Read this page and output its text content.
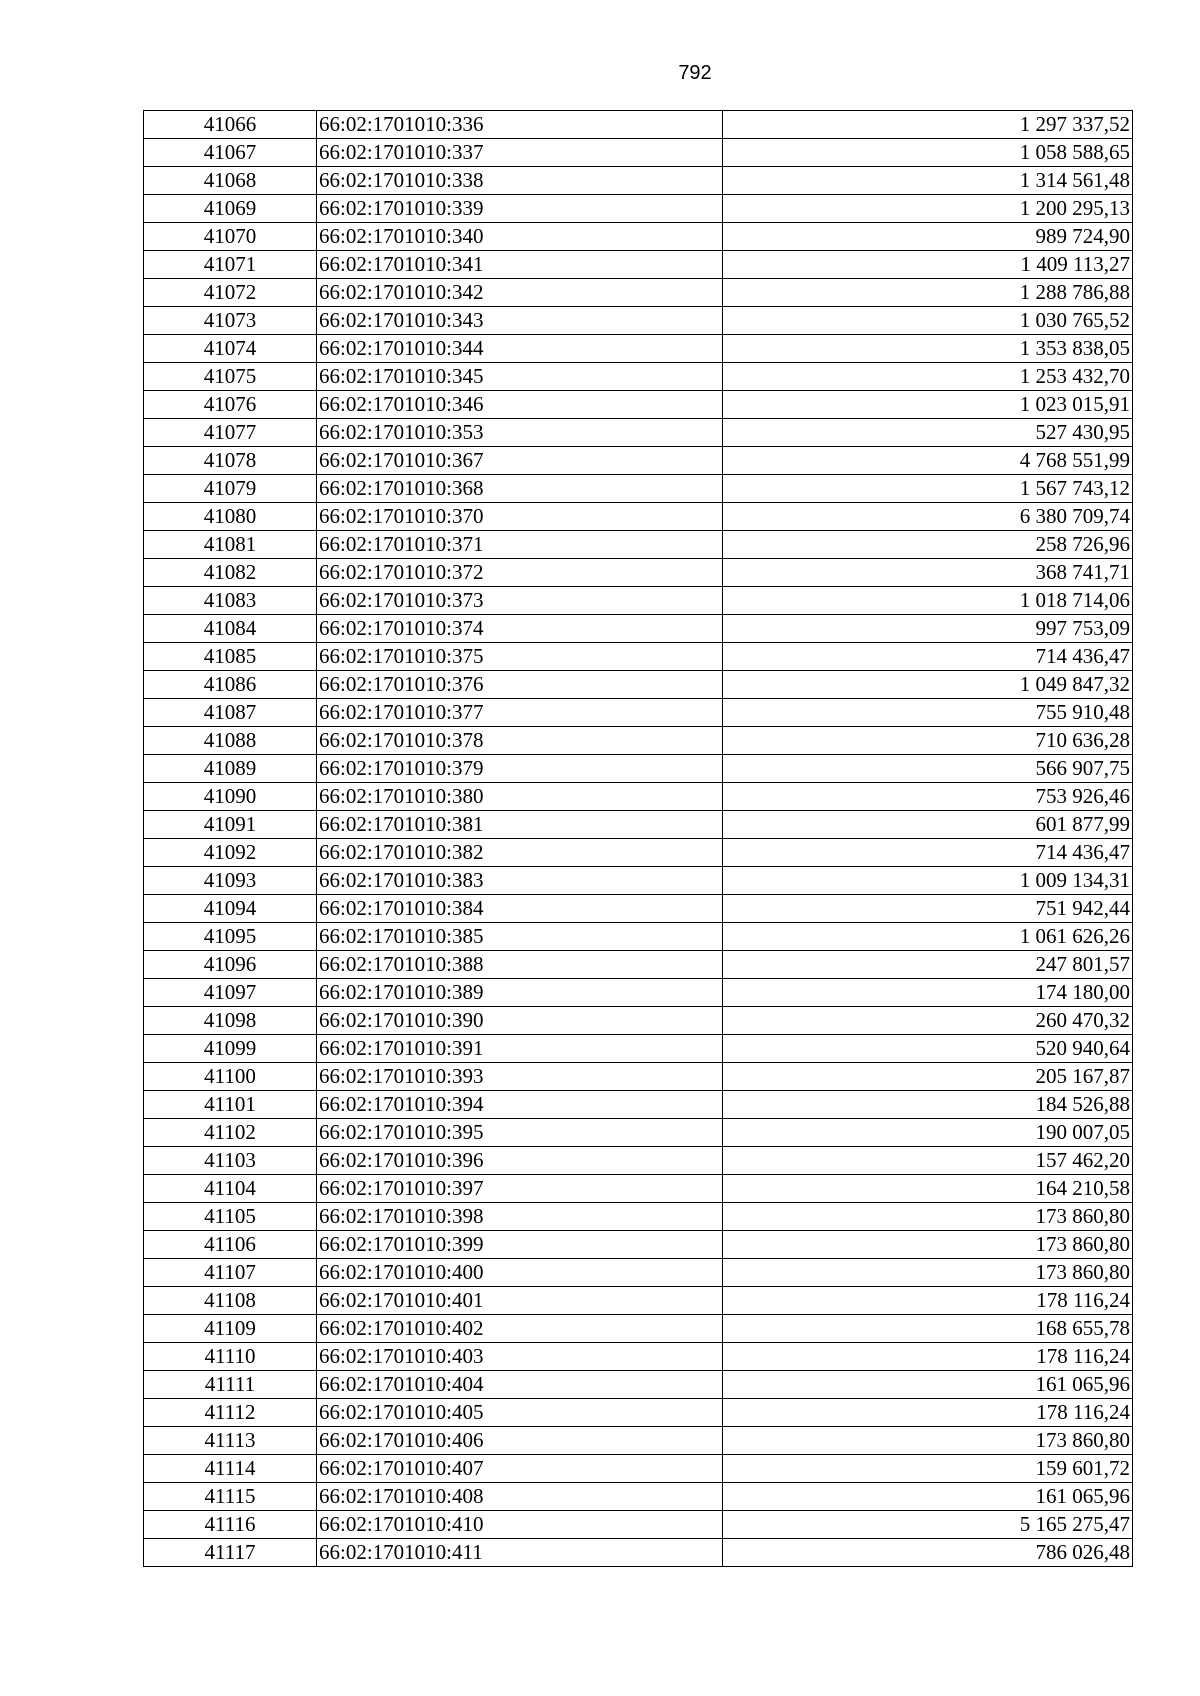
792
41066	66:02:1701010:336	1 297 337,52
41067	66:02:1701010:337	1 058 588,65
41068	66:02:1701010:338	1 314 561,48
41069	66:02:1701010:339	1 200 295,13
41070	66:02:1701010:340	989 724,90
41071	66:02:1701010:341	1 409 113,27
41072	66:02:1701010:342	1 288 786,88
41073	66:02:1701010:343	1 030 765,52
41074	66:02:1701010:344	1 353 838,05
41075	66:02:1701010:345	1 253 432,70
41076	66:02:1701010:346	1 023 015,91
41077	66:02:1701010:353	527 430,95
41078	66:02:1701010:367	4 768 551,99
41079	66:02:1701010:368	1 567 743,12
41080	66:02:1701010:370	6 380 709,74
41081	66:02:1701010:371	258 726,96
41082	66:02:1701010:372	368 741,71
41083	66:02:1701010:373	1 018 714,06
41084	66:02:1701010:374	997 753,09
41085	66:02:1701010:375	714 436,47
41086	66:02:1701010:376	1 049 847,32
41087	66:02:1701010:377	755 910,48
41088	66:02:1701010:378	710 636,28
41089	66:02:1701010:379	566 907,75
41090	66:02:1701010:380	753 926,46
41091	66:02:1701010:381	601 877,99
41092	66:02:1701010:382	714 436,47
41093	66:02:1701010:383	1 009 134,31
41094	66:02:1701010:384	751 942,44
41095	66:02:1701010:385	1 061 626,26
41096	66:02:1701010:388	247 801,57
41097	66:02:1701010:389	174 180,00
41098	66:02:1701010:390	260 470,32
41099	66:02:1701010:391	520 940,64
41100	66:02:1701010:393	205 167,87
41101	66:02:1701010:394	184 526,88
41102	66:02:1701010:395	190 007,05
41103	66:02:1701010:396	157 462,20
41104	66:02:1701010:397	164 210,58
41105	66:02:1701010:398	173 860,80
41106	66:02:1701010:399	173 860,80
41107	66:02:1701010:400	173 860,80
41108	66:02:1701010:401	178 116,24
41109	66:02:1701010:402	168 655,78
41110	66:02:1701010:403	178 116,24
41111	66:02:1701010:404	161 065,96
41112	66:02:1701010:405	178 116,24
41113	66:02:1701010:406	173 860,80
41114	66:02:1701010:407	159 601,72
41115	66:02:1701010:408	161 065,96
41116	66:02:1701010:410	5 165 275,47
41117	66:02:1701010:411	786 026,48
